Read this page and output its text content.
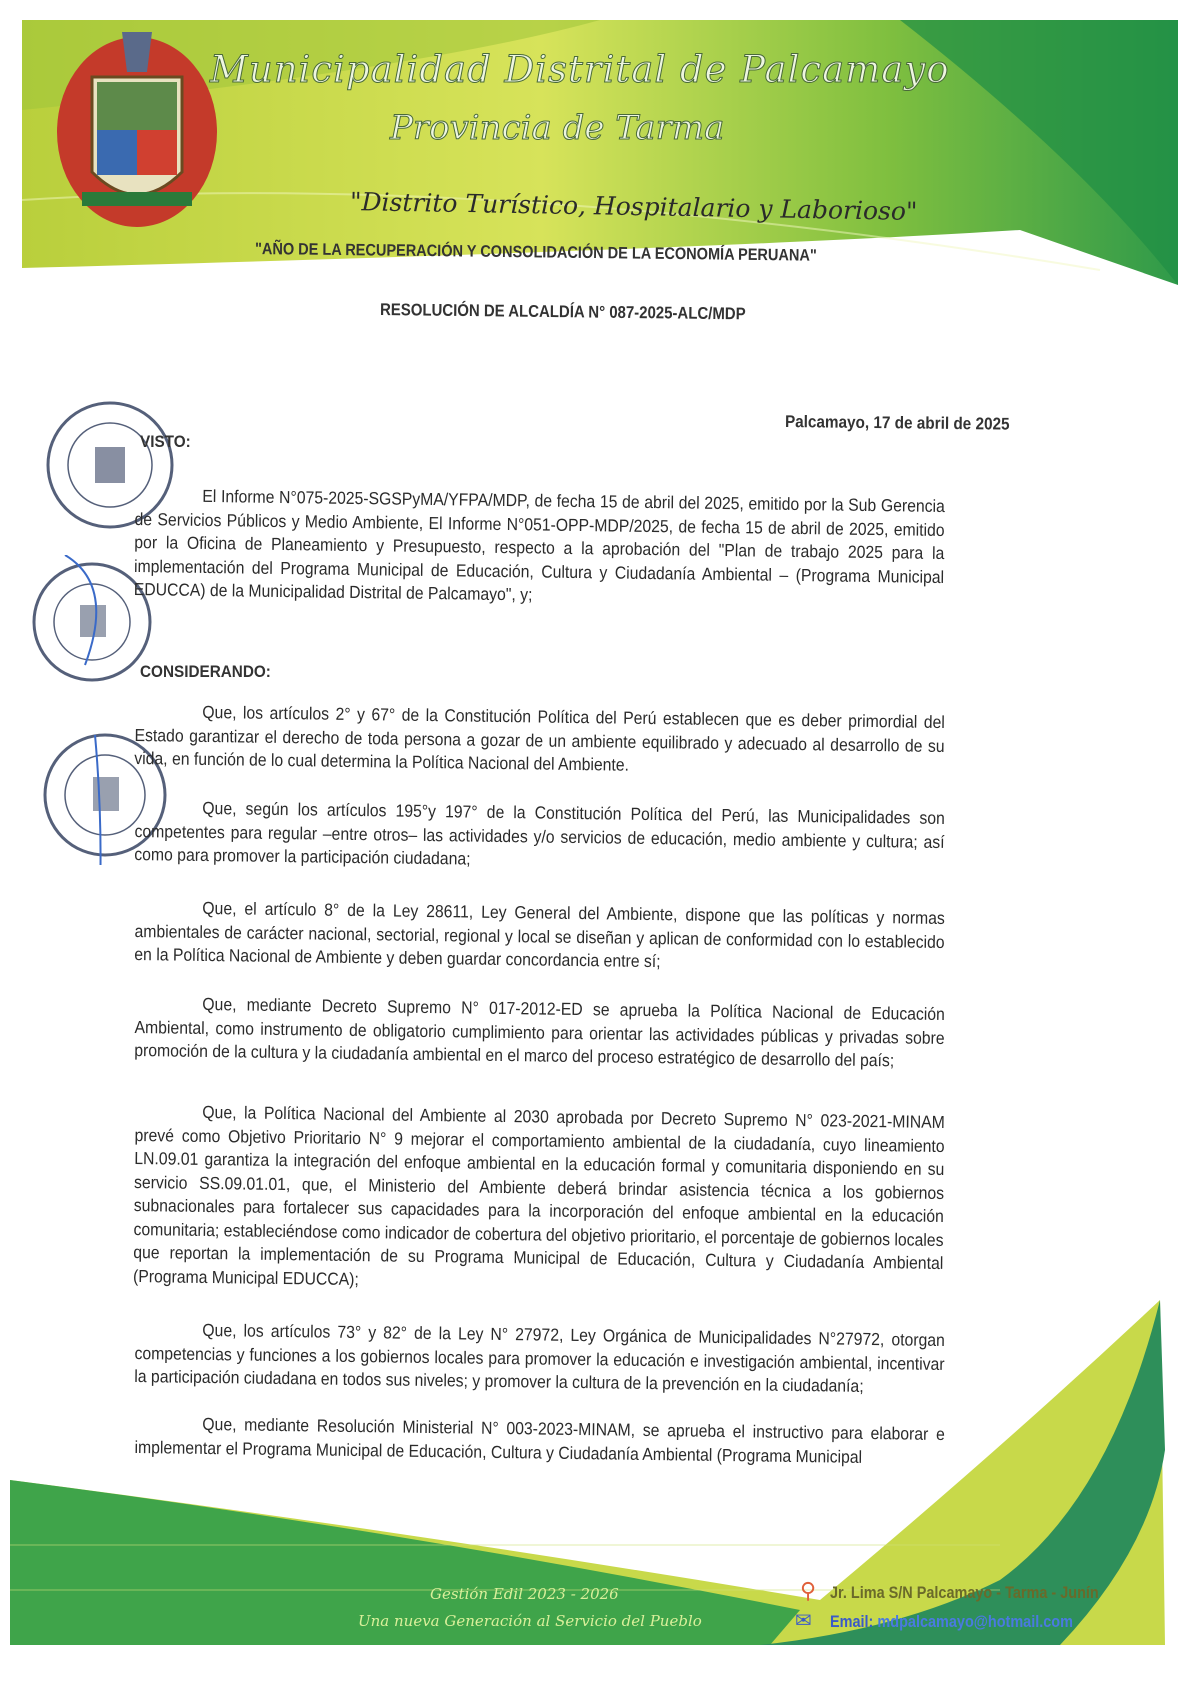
Municipalidad Distrital de Palcamayo
Provincia de Tarma
"Distrito Turístico, Hospitalario y Laborioso"
"AÑO DE LA RECUPERACIÓN Y CONSOLIDACIÓN DE LA ECONOMÍA PERUANA"
RESOLUCIÓN DE ALCALDÍA N° 087-2025-ALC/MDP
Palcamayo, 17 de abril de 2025
VISTO:
El Informe N°075-2025-SGSPyMA/YFPA/MDP, de fecha 15 de abril del 2025, emitido por la Sub Gerencia de Servicios Públicos y Medio Ambiente, El Informe N°051-OPP-MDP/2025, de fecha 15 de abril de 2025, emitido por la Oficina de Planeamiento y Presupuesto, respecto a la aprobación del "Plan de trabajo 2025 para la implementación del Programa Municipal de Educación, Cultura y Ciudadanía Ambiental – (Programa Municipal EDUCCA) de la Municipalidad Distrital de Palcamayo", y;
CONSIDERANDO:
Que, los artículos 2° y 67° de la Constitución Política del Perú establecen que es deber primordial del Estado garantizar el derecho de toda persona a gozar de un ambiente equilibrado y adecuado al desarrollo de su vida, en función de lo cual determina la Política Nacional del Ambiente.
Que, según los artículos 195°y 197° de la Constitución Política del Perú, las Municipalidades son competentes para regular –entre otros– las actividades y/o servicios de educación, medio ambiente y cultura; así como para promover la participación ciudadana;
Que, el artículo 8° de la Ley 28611, Ley General del Ambiente, dispone que las políticas y normas ambientales de carácter nacional, sectorial, regional y local se diseñan y aplican de conformidad con lo establecido en la Política Nacional de Ambiente y deben guardar concordancia entre sí;
Que, mediante Decreto Supremo N° 017-2012-ED se aprueba la Política Nacional de Educación Ambiental, como instrumento de obligatorio cumplimiento para orientar las actividades públicas y privadas sobre promoción de la cultura y la ciudadanía ambiental en el marco del proceso estratégico de desarrollo del país;
Que, la Política Nacional del Ambiente al 2030 aprobada por Decreto Supremo N° 023-2021-MINAM prevé como Objetivo Prioritario N° 9 mejorar el comportamiento ambiental de la ciudadanía, cuyo lineamiento LN.09.01 garantiza la integración del enfoque ambiental en la educación formal y comunitaria disponiendo en su servicio SS.09.01.01, que, el Ministerio del Ambiente deberá brindar asistencia técnica a los gobiernos subnacionales para fortalecer sus capacidades para la incorporación del enfoque ambiental en la educación comunitaria; estableciéndose como indicador de cobertura del objetivo prioritario, el porcentaje de gobiernos locales que reportan la implementación de su Programa Municipal de Educación, Cultura y Ciudadanía Ambiental (Programa Municipal EDUCCA);
Que, los artículos 73° y 82° de la Ley N° 27972, Ley Orgánica de Municipalidades N°27972, otorgan competencias y funciones a los gobiernos locales para promover la educación e investigación ambiental, incentivar la participación ciudadana en todos sus niveles; y promover la cultura de la prevención en la ciudadanía;
Que, mediante Resolución Ministerial N° 003-2023-MINAM, se aprueba el instructivo para elaborar e implementar el Programa Municipal de Educación, Cultura y Ciudadanía Ambiental (Programa Municipal
Gestión Edil 2023 - 2026
Una nueva Generación al Servicio del Pueblo
⚲ Jr. Lima S/N Palcamayo - Tarma - Junín
✉ Email: mdpalcamayo@hotmail.com
